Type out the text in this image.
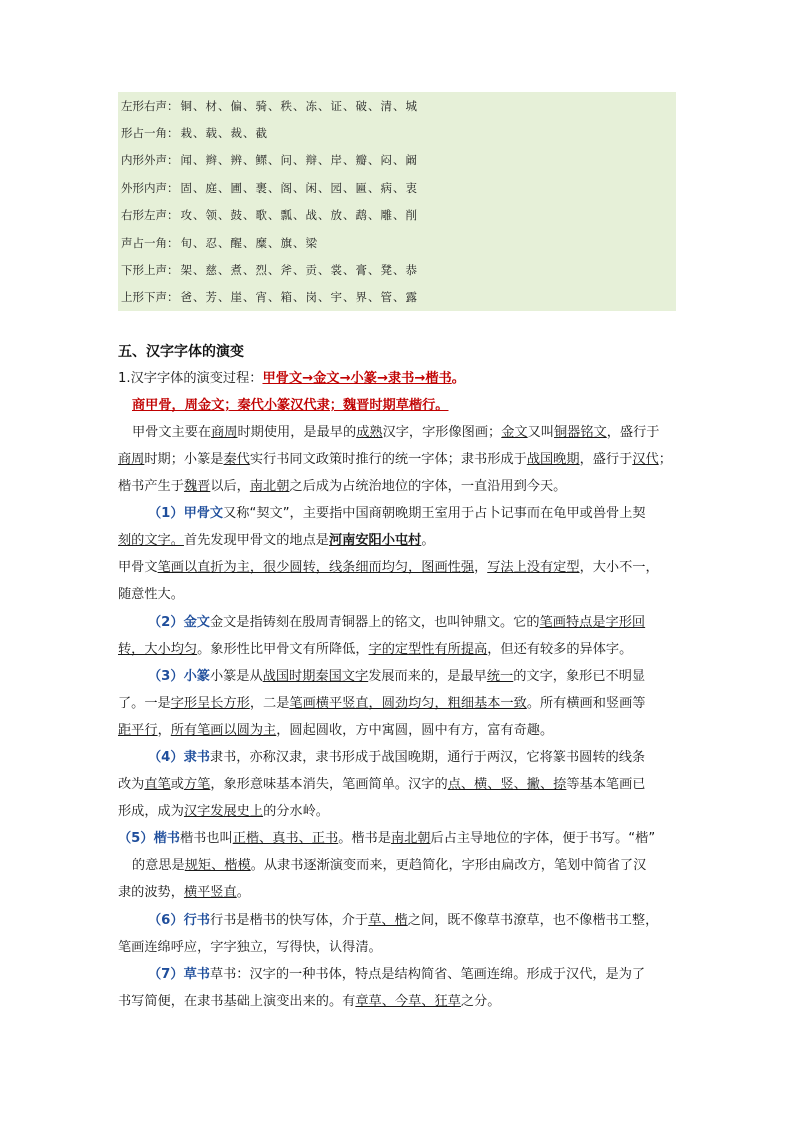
左形右声： 铜、材、偏、骑、秩、冻、证、破、清、城
形占一角： 栽、载、裁、截
内形外声： 闻、辫、辨、鳏、问、辩、岸、瓣、闷、阚
外形内声： 固、庭、圃、裹、阁、闲、园、匾、病、衷
右形左声： 攻、领、鼓、歌、瓢、战、放、鹉、雕、削
声占一角： 旬、忍、醒、糜、旗、梁
下形上声： 架、慈、煮、烈、斧、贡、裳、膏、凳、恭
上形下声： 爸、芳、崖、宵、箱、岗、宇、界、管、露
五、汉字字体的演变
1.汉字字体的演变过程：甲骨文→金文→小篆→隶书→楷书。
商甲骨，周金文；秦代小篆汉代隶；魏晋时期草楷行。
甲骨文主要在商周时期使用，是最早的成熟汉字，字形像图画；金文又叫铜器铭文，盛行于
商周时期；小篆是秦代实行书同文政策时推行的统一字体；隶书形成于战国晚期，盛行于汉代；
楷书产生于魏晋以后，南北朝之后成为占统治地位的字体，一直沿用到今天。
（1）甲骨文又称“契文”，主要指中国商朝晚期王室用于占卜记事而在龟甲或兽骨上契
刻的文字。首先发现甲骨文的地点是河南安阳小屯村。
甲骨文笔画以直折为主，很少圆转，线条细而均匀，图画性强，写法上没有定型，大小不一，
随意性大。
（2）金文金文是指铸刻在殷周青铜器上的铭文，也叫钟鼎文。它的笔画特点是字形回
转，大小均匀。象形性比甲骨文有所降低，字的定型性有所提高，但还有较多的异体字。
（3）小篆小篆是从战国时期秦国文字发展而来的，是最早统一的文字，象形已不明显
了。一是字形呈长方形，二是笔画横平竖直，圆劲均匀，粗细基本一致。所有横画和竖画等
距平行，所有笔画以圆为主，圆起圆收，方中寓圆，圆中有方，富有奇趣。
（4）隶书隶书，亦称汉隶，隶书形成于战国晚期，通行于两汉，它将篆书圆转的线条
改为直笔或方笔，象形意味基本消失，笔画简单。汉字的点、横、竖、撇、捺等基本笔画已
形成，成为汉字发展史上的分水岭。
（5）楷书楷书也叫正楷、真书、正书。楷书是南北朝后占主导地位的字体，便于书写。“楷”
的意思是规矩、楷模。从隶书逐渐演变而来，更趋简化，字形由扁改方，笔划中简省了汉
隶的波势，横平竖直。
（6）行书行书是楷书的快写体，介于草、楷之间，既不像草书潦草，也不像楷书工整，
笔画连绵呼应，字字独立，写得快，认得清。
（7）草书草书：汉字的一种书体，特点是结构简省、笔画连绵。形成于汉代，是为了
书写简便，在隶书基础上演变出来的。有章草、今草、狂草之分。
